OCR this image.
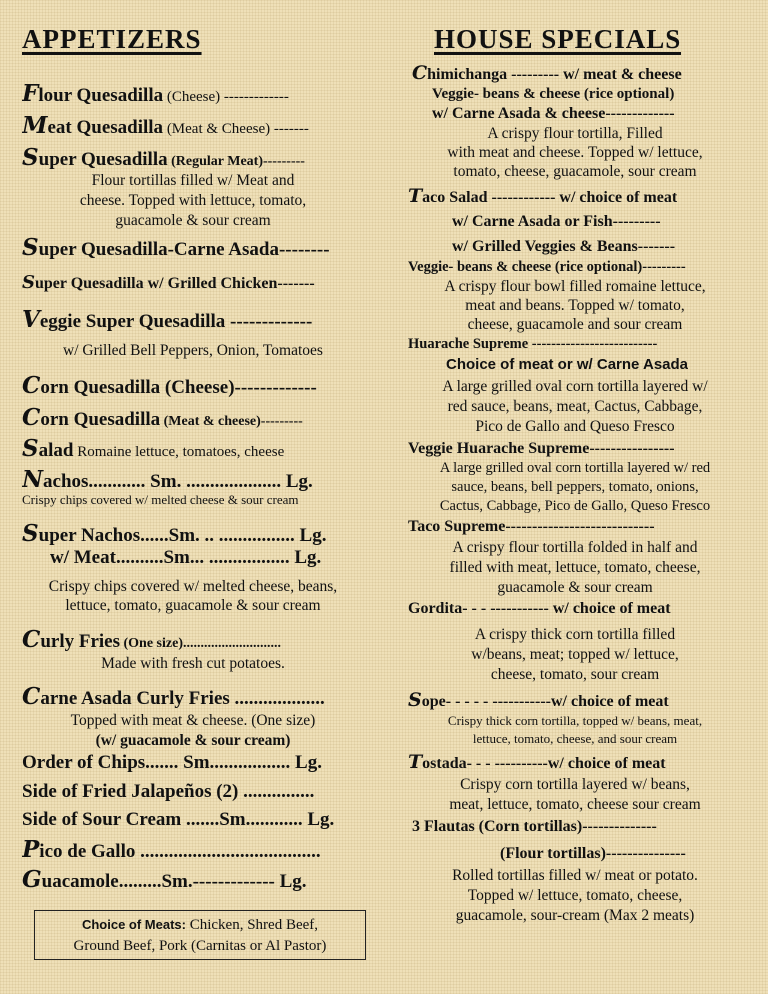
APPETIZERS
Flour Quesadilla (Cheese) -------------
Meat Quesadilla (Meat & Cheese) -------
Super Quesadilla (Regular Meat)---------
Flour tortillas filled w/ Meat and
cheese. Topped with lettuce, tomato,
guacamole & sour cream
Super Quesadilla-Carne Asada--------
Super Quesadilla w/ Grilled Chicken-------
Veggie Super Quesadilla -------------
w/ Grilled Bell Peppers, Onion, Tomatoes
Corn Quesadilla (Cheese)-------------
Corn Quesadilla (Meat & cheese)---------
Salad Romaine lettuce, tomatoes, cheese
Nachos............ Sm. .................... Lg.
Crispy chips covered w/ melted cheese & sour cream
Super Nachos......Sm. .. ................ Lg.
w/ Meat..........Sm... ................. Lg.
Crispy chips covered w/ melted cheese, beans,
lettuce, tomato, guacamole & sour cream
Curly Fries (One size)............................
Made with fresh cut potatoes.
Carne Asada Curly Fries ...................
Topped with meat & cheese. (One size)
(w/ guacamole & sour cream)
Order of Chips....... Sm................. Lg.
Side of Fried Jalapeños (2) ...............
Side of Sour Cream .......Sm............ Lg.
Pico de Gallo ......................................
Guacamole.........Sm.------------- Lg.
Choice of Meats: Chicken, Shred Beef,
Ground Beef, Pork (Carnitas or Al Pastor)
HOUSE SPECIALS
Chimichanga --------- w/ meat & cheese
Veggie- beans & cheese (rice optional)
w/ Carne Asada & cheese-------------
A crispy flour tortilla, Filled
with meat and cheese. Topped w/ lettuce,
tomato, cheese, guacamole, sour cream
Taco Salad ------------ w/ choice of meat
w/ Carne Asada or Fish---------
w/ Grilled Veggies & Beans-------
Veggie- beans & cheese (rice optional)---------
A crispy flour bowl filled romaine lettuce,
meat and beans. Topped w/ tomato,
cheese, guacamole and sour cream
Huarache Supreme --------------------------
Choice of meat or w/ Carne Asada
A large grilled oval corn tortilla layered w/
red sauce, beans, meat, Cactus, Cabbage,
Pico de Gallo and Queso Fresco
Veggie Huarache Supreme----------------
A large grilled oval corn tortilla layered w/ red
sauce, beans, bell peppers, tomato, onions,
Cactus, Cabbage, Pico de Gallo, Queso Fresco
Taco Supreme----------------------------
A crispy flour tortilla folded in half and
filled with meat, lettuce, tomato, cheese,
guacamole & sour cream
Gordita- - - ----------- w/ choice of meat
A crispy thick corn tortilla filled
w/beans, meat; topped w/ lettuce,
cheese, tomato, sour cream
Sope- - - - - -----------w/ choice of meat
Crispy thick corn tortilla, topped w/ beans, meat,
lettuce, tomato, cheese, and sour cream
Tostada- - - ----------w/ choice of meat
Crispy corn tortilla layered w/ beans,
meat, lettuce, tomato, cheese sour cream
3 Flautas (Corn tortillas)--------------
(Flour tortillas)---------------
Rolled tortillas filled w/ meat or potato.
Topped w/ lettuce, tomato, cheese,
guacamole, sour-cream (Max 2 meats)
